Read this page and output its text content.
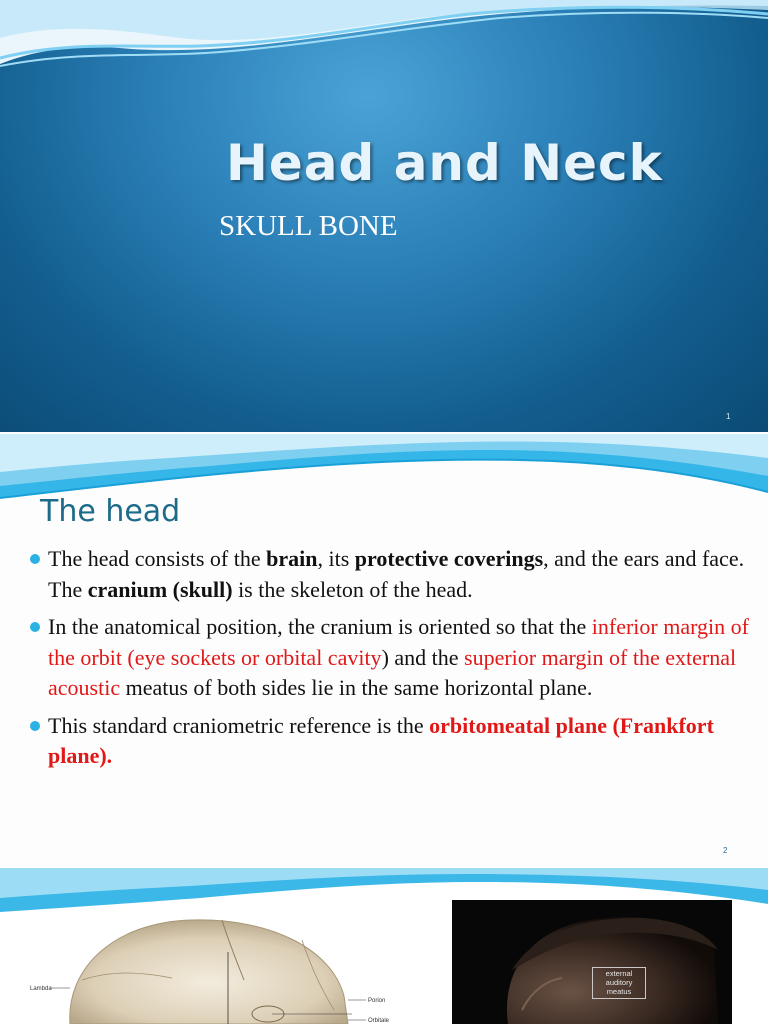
Head and Neck
SKULL BONE
1
The head
The head consists of the brain, its protective coverings, and the ears and face. The cranium (skull) is the skeleton of the head.
In the anatomical position, the cranium is oriented so that the inferior margin of the orbit (eye sockets or orbital cavity) and the superior margin of the external acoustic meatus of both sides lie in the same horizontal plane.
This standard craniometric reference is the orbitomeatal plane (Frankfort plane).
2
Lambda
Porion
Orbitale
external auditory meatus
